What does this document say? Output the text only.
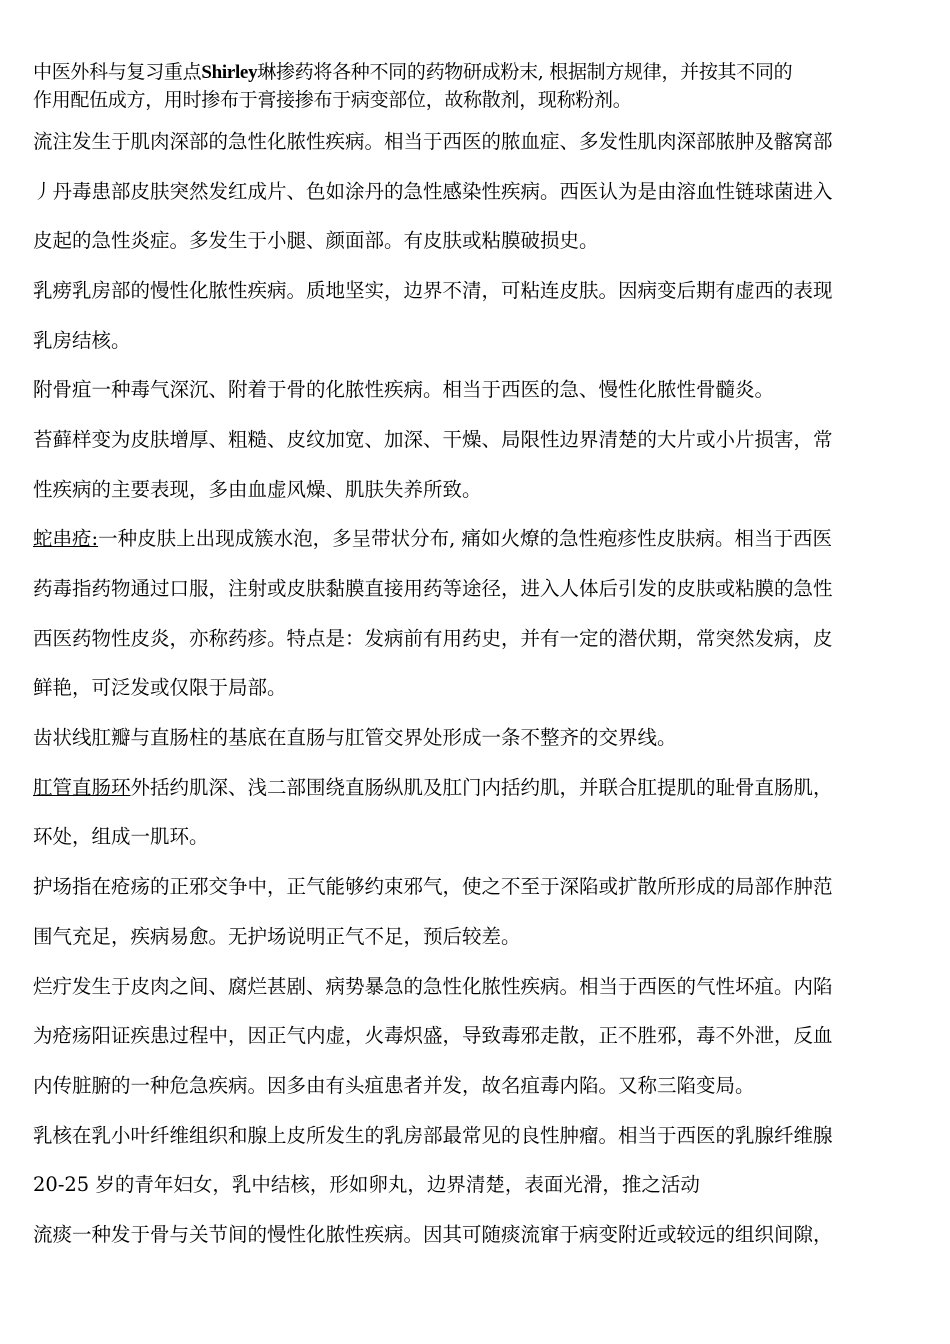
中医外科与复习重点Shirley琳掺药将各种不同的药物研成粉末, 根据制方规律，并按其不同的
作用配伍成方，用时掺布于膏接掺布于病变部位，故称散剂，现称粉剂。
流注发生于肌肉深部的急性化脓性疾病。相当于西医的脓血症、多发性肌肉深部脓肿及髂窝部
丿丹毒患部皮肤突然发红成片、色如涂丹的急性感染性疾病。西医认为是由溶血性链球菌进入
皮起的急性炎症。多发生于小腿、颜面部。有皮肤或粘膜破损史。
乳痨乳房部的慢性化脓性疾病。质地坚实，边界不清，可粘连皮肤。因病变后期有虚西的表现
乳房结核。
附骨疽一种毒气深沉、附着于骨的化脓性疾病。相当于西医的急、慢性化脓性骨髓炎。
苔藓样变为皮肤增厚、粗糙、皮纹加宽、加深、干燥、局限性边界清楚的大片或小片损害，常
性疾病的主要表现，多由血虚风燥、肌肤失养所致。
蛇串疮:一种皮肤上出现成簇水泡，多呈带状分布, 痛如火燎的急性疱疹性皮肤病。相当于西医
药毒指药物通过口服，注射或皮肤黏膜直接用药等途径，进入人体后引发的皮肤或粘膜的急性
西医药物性皮炎，亦称药疹。特点是：发病前有用药史，并有一定的潜伏期，常突然发病，皮
鲜艳，可泛发或仅限于局部。
齿状线肛瓣与直肠柱的基底在直肠与肛管交界处形成一条不整齐的交界线。
肛管直肠环外括约肌深、浅二部围绕直肠纵肌及肛门内括约肌，并联合肛提肌的耻骨直肠肌，
环处，组成一肌环。
护场指在疮疡的正邪交争中，正气能够约束邪气，使之不至于深陷或扩散所形成的局部作肿范
围气充足，疾病易愈。无护场说明正气不足，预后较差。
烂疔发生于皮肉之间、腐烂甚剧、病势暴急的急性化脓性疾病。相当于西医的气性坏疽。内陷
为疮疡阳证疾患过程中，因正气内虚，火毒炽盛，导致毒邪走散，正不胜邪，毒不外泄，反血
内传脏腑的一种危急疾病。因多由有头疽患者并发，故名疽毒内陷。又称三陷变局。
乳核在乳小叶纤维组织和腺上皮所发生的乳房部最常见的良性肿瘤。相当于西医的乳腺纤维腺
20-25 岁的青年妇女，乳中结核，形如卵丸，边界清楚，表面光滑，推之活动
流痰一种发于骨与关节间的慢性化脓性疾病。因其可随痰流窜于病变附近或较远的组织间隙，
